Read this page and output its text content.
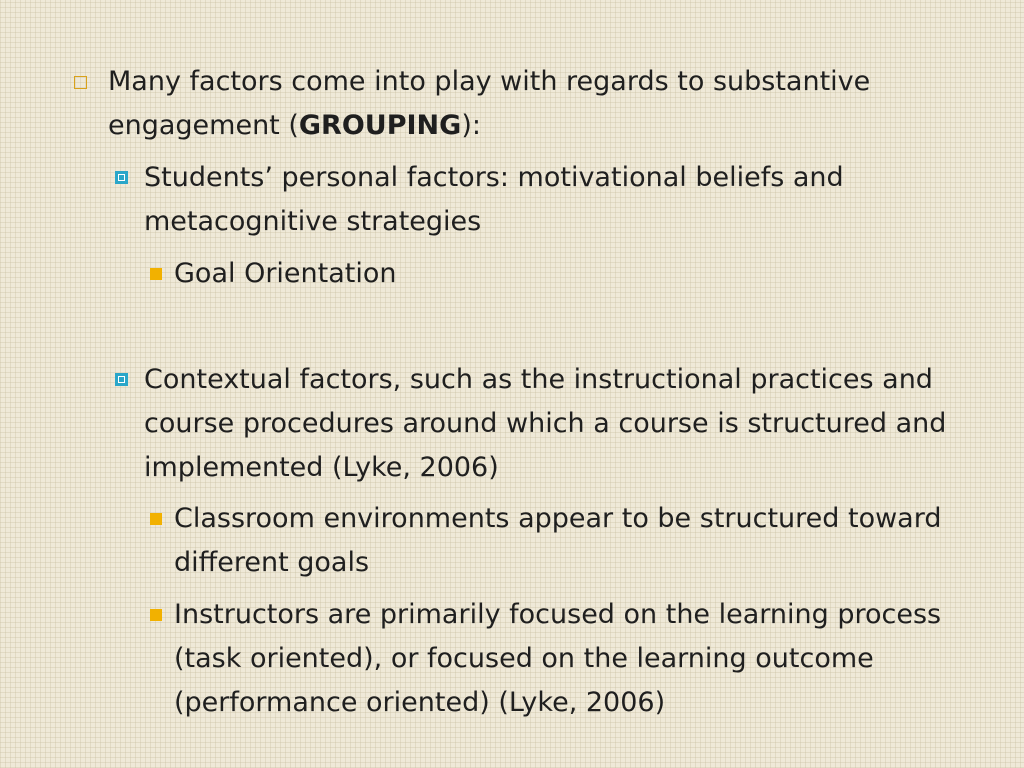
Many factors come into play with regards to substantive engagement (GROUPING):
Students’ personal factors: motivational beliefs and metacognitive strategies
Goal Orientation
Contextual factors, such as the instructional practices and course procedures around which a course is structured and implemented (Lyke, 2006)
Classroom environments appear to be structured toward different goals
Instructors are primarily focused on the learning process (task oriented), or focused on the learning outcome (performance oriented) (Lyke, 2006)
